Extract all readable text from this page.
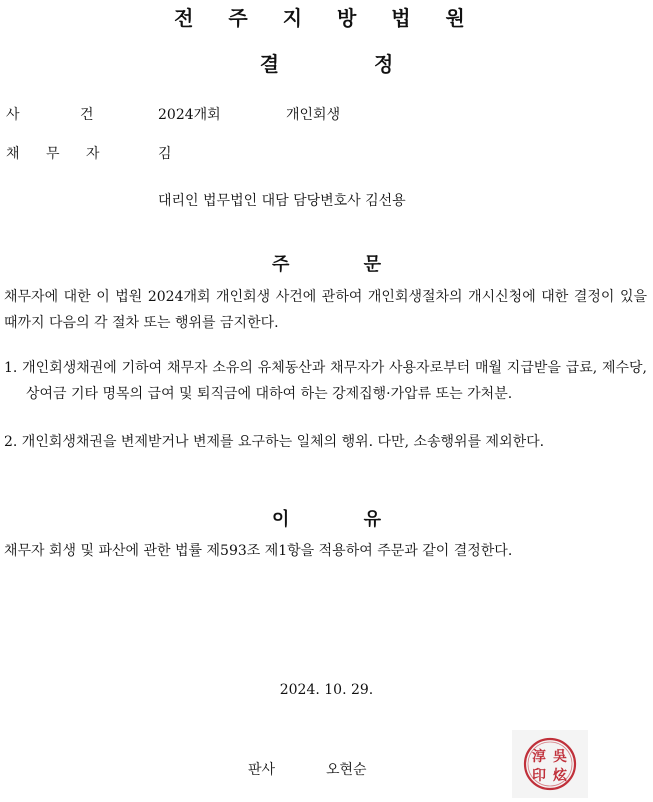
전 주 지 방 법 원
결 정
사 건	2024개회	개인회생
채 무 자	김
대리인 법무법인 대담 담당변호사 김선용
주 문
채무자에 대한 이 법원 2024개회 개인회생 사건에 관하여 개인회생절차의 개시신청에 대한 결정이 있을 때까지 다음의 각 절차 또는 행위를 금지한다.
1. 개인회생채권에 기하여 채무자 소유의 유체동산과 채무자가 사용자로부터 매월 지급받을 급료, 제수당, 상여금 기타 명목의 급여 및 퇴직금에 대하여 하는 강제집행·가압류 또는 가처분.
2. 개인회생채권을 변제받거나 변제를 요구하는 일체의 행위. 다만, 소송행위를 제외한다.
이 유
채무자 회생 및 파산에 관한 법률 제593조 제1항을 적용하여 주문과 같이 결정한다.
2024. 10. 29.
판사	오현순
吳
炫
淳
印
